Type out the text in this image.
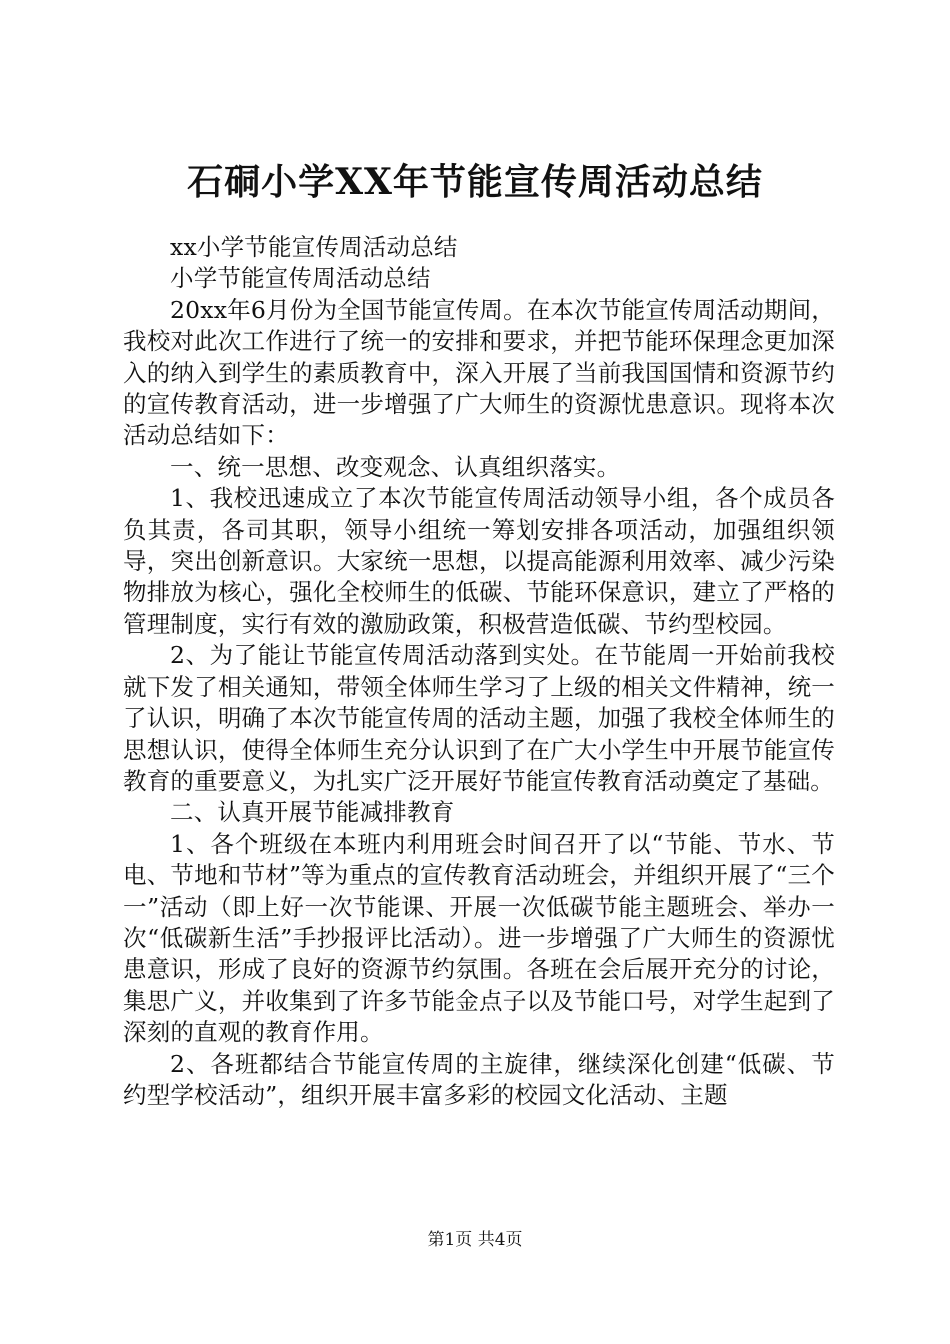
石硐小学XX年节能宣传周活动总结

xx小学节能宣传周活动总结

小学节能宣传周活动总结

20xx年6月份为全国节能宣传周。在本次节能宣传周活动期间，我校对此次工作进行了统一的安排和要求，并把节能环保理念更加深入的纳入到学生的素质教育中，深入开展了当前我国国情和资源节约的宣传教育活动，进一步增强了广大师生的资源忧患意识。现将本次活动总结如下：

一、统一思想、改变观念、认真组织落实。

1、我校迅速成立了本次节能宣传周活动领导小组，各个成员各负其责，各司其职，领导小组统一筹划安排各项活动，加强组织领导，突出创新意识。大家统一思想，以提高能源利用效率、减少污染物排放为核心，强化全校师生的低碳、节能环保意识，建立了严格的管理制度，实行有效的激励政策，积极营造低碳、节约型校园。

2、为了能让节能宣传周活动落到实处。在节能周一开始前我校就下发了相关通知，带领全体师生学习了上级的相关文件精神，统一了认识，明确了本次节能宣传周的活动主题，加强了我校全体师生的思想认识，使得全体师生充分认识到了在广大小学生中开展节能宣传教育的重要意义，为扎实广泛开展好节能宣传教育活动奠定了基础。

二、认真开展节能减排教育

1、各个班级在本班内利用班会时间召开了以“节能、节水、节电、节地和节材”等为重点的宣传教育活动班会，并组织开展了“三个一”活动（即上好一次节能课、开展一次低碳节能主题班会、举办一次“低碳新生活”手抄报评比活动）。进一步增强了广大师生的资源忧患意识，形成了良好的资源节约氛围。各班在会后展开充分的讨论，集思广义，并收集到了许多节能金点子以及节能口号，对学生起到了深刻的直观的教育作用。

2、各班都结合节能宣传周的主旋律，继续深化创建“低碳、节约型学校活动”，组织开展丰富多彩的校园文化活动、主题

第1页 共4页
